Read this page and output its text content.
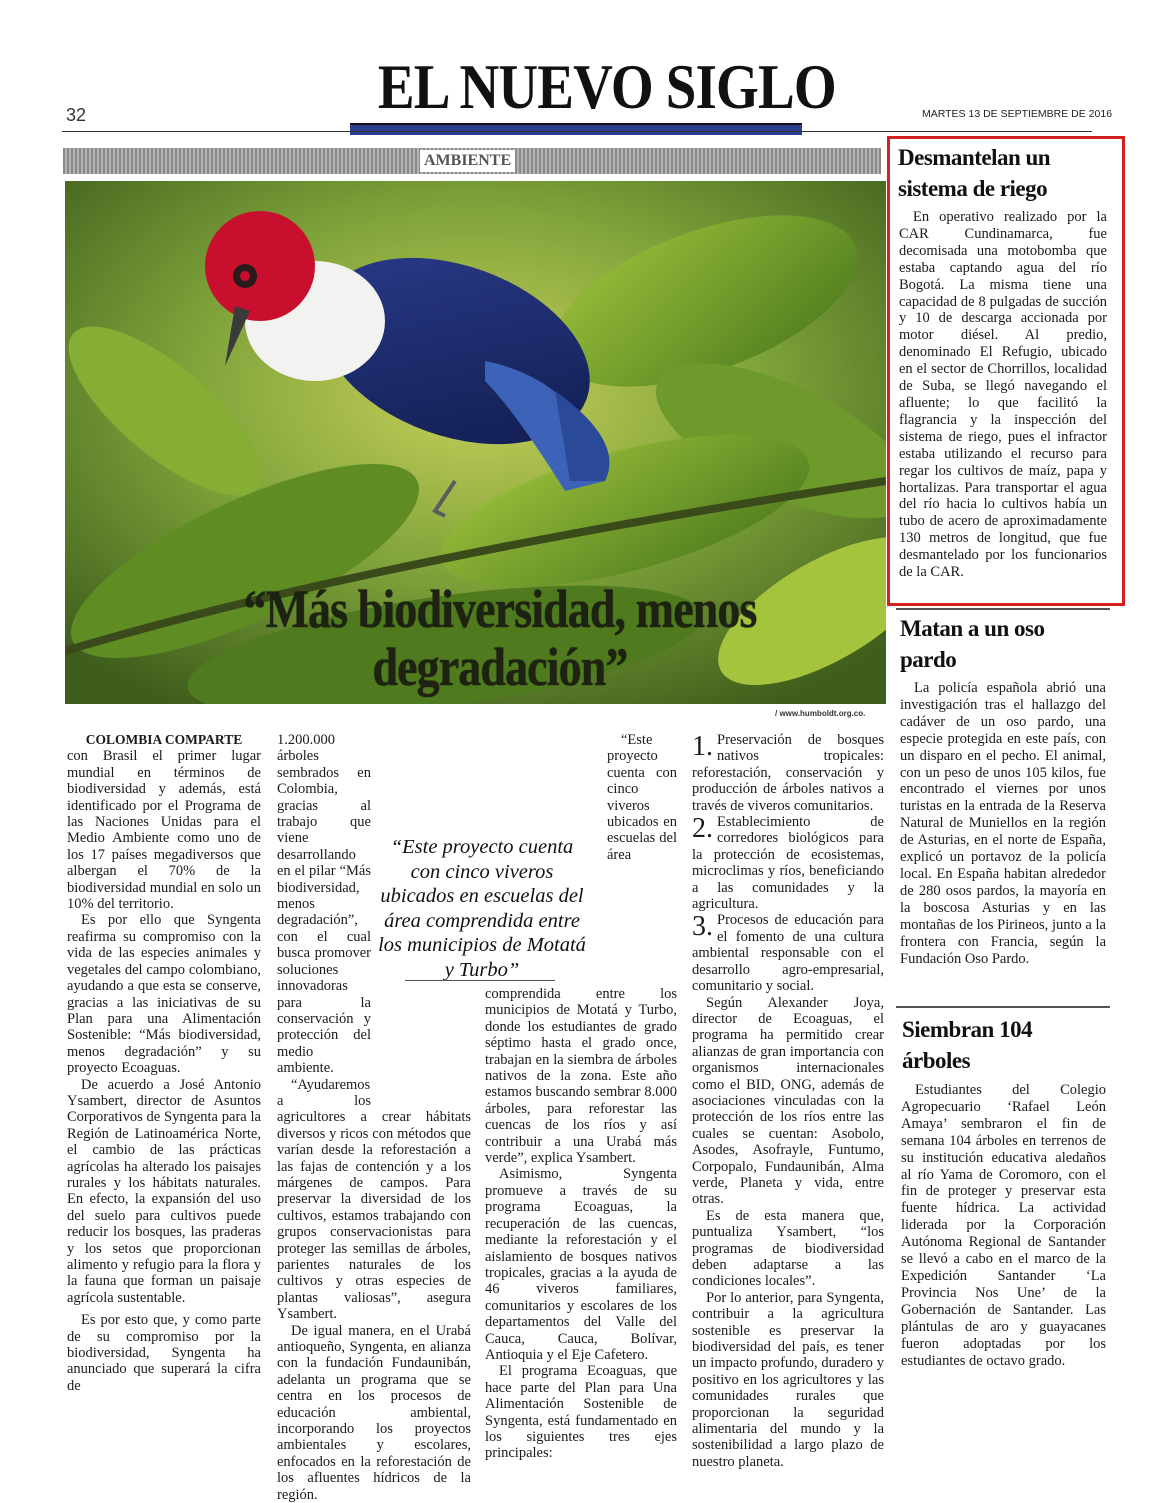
EL NUEVO SIGLO
32	MARTES 13 DE SEPTIEMBRE DE 2016
AMBIENTE
“Más biodiversidad, menos degradación”
/ www.humboldt.org.co.

COLOMBIA COMPARTE
con Brasil el primer lugar mundial en términos de biodiversidad y además, está identificado por el Programa de las Naciones Unidas para el Medio Ambiente como uno de los 17 países megadiversos que albergan el 70% de la biodiversidad mundial en solo un 10% del territorio.

Es por ello que Syngenta reafirma su compromiso con la vida de las especies animales y vegetales del campo colombiano, ayudando a que esta se conserve, gracias a las iniciativas de su Plan para una Alimentación Sostenible: “Más biodiversidad, menos degradación” y su proyecto Ecoaguas.

De acuerdo a José Antonio Ysambert, director de Asuntos Corporativos de Syngenta para la Región de Latinoamérica Norte, el cambio de las prácticas agrícolas ha alterado los paisajes rurales y los hábitats naturales. En efecto, la expansión del uso del suelo para cultivos puede reducir los bosques, las praderas y los setos que proporcionan alimento y refugio para la flora y la fauna que forman un paisaje agrícola sustentable.

Es por esto que, y como parte de su compromiso por la biodiversidad, Syngenta ha anunciado que superará la cifra de

1.200.000 árboles sembrados en Colombia, gracias al trabajo que viene desarrollando en el pilar “Más biodiversidad, menos degradación”, con el cual busca promover soluciones innovadoras para la conservación y protección del medio ambiente.

“Ayudaremos a los agricultores a crear hábitats diversos y ricos con métodos que varían desde la reforestación a las fajas de contención y a los márgenes de campos. Para preservar la diversidad de los cultivos, estamos trabajando con grupos conservacionistas para proteger las semillas de árboles, parientes naturales de los cultivos y otras especies de plantas valiosas”, asegura Ysambert.

De igual manera, en el Urabá antioqueño, Syngenta, en alianza con la fundación Fundaunibán, adelanta un programa que se centra en los procesos de educación ambiental, incorporando los proyectos ambientales y escolares, enfocados en la reforestación de los afluentes hídricos de la región.

“Este proyecto cuenta con cinco viveros ubicados en escuelas del área comprendida entre los municipios de Motatá y Turbo, donde los estudiantes de grado séptimo hasta el grado once, trabajan en la siembra de árboles nativos de la zona. Este año estamos buscando sembrar 8.000 árboles, para reforestar las cuencas de los ríos y así contribuir a una Urabá más verde”, explica Ysambert.

Asimismo, Syngenta promueve a través de su programa Ecoaguas, la recuperación de las cuencas, mediante la reforestación y el aislamiento de bosques nativos tropicales, gracias a la ayuda de 46 viveros familiares, comunitarios y escolares de los departamentos del Valle del Cauca, Cauca, Bolívar, Antioquia y el Eje Cafetero.

El programa Ecoaguas, que hace parte del Plan para Una Alimentación Sostenible de Syngenta, está fundamentado en los siguientes tres ejes principales:

“Este proyecto cuenta con cinco viveros ubicados en escuelas del área comprendida entre los municipios de Motatá y Turbo”

1. Preservación de bosques nativos tropicales: reforestación, conservación y producción de árboles nativos a través de viveros comunitarios.

2. Establecimiento de corredores biológicos para la protección de ecosistemas, microclimas y ríos, beneficiando a las comunidades y la agricultura.

3. Procesos de educación para el fomento de una cultura ambiental responsable con el desarrollo agro-empresarial, comunitario y social.

Según Alexander Joya, director de Ecoaguas, el programa ha permitido crear alianzas de gran importancia con organismos internacionales como el BID, ONG, además de asociaciones vinculadas con la protección de los ríos entre las cuales se cuentan: Asobolo, Asodes, Asofrayle, Funtumo, Corpopalo, Fundaunibán, Alma verde, Planeta y vida, entre otras.

Es de esta manera que, puntualiza Ysambert, “los programas de biodiversidad deben adaptarse a las condiciones locales”.

Por lo anterior, para Syngenta, contribuir a la agricultura sostenible es preservar la biodiversidad del país, es tener un impacto profundo, duradero y positivo en los agricultores y las comunidades rurales que proporcionan la seguridad alimentaria del mundo y la sostenibilidad a largo plazo de nuestro planeta.

Desmantelan un sistema de riego

En operativo realizado por la CAR Cundinamarca, fue decomisada una motobomba que estaba captando agua del río Bogotá. La misma tiene una capacidad de 8 pulgadas de succión y 10 de descarga accionada por motor diésel. Al predio, denominado El Refugio, ubicado en el sector de Chorrillos, localidad de Suba, se llegó navegando el afluente; lo que facilitó la flagrancia y la inspección del sistema de riego, pues el infractor estaba utilizando el recurso para regar los cultivos de maíz, papa y hortalizas. Para transportar el agua del río hacia lo cultivos había un tubo de acero de aproximadamente 130 metros de longitud, que fue desmantelado por los funcionarios de la CAR.

Matan a un oso pardo

La policía española abrió una investigación tras el hallazgo del cadáver de un oso pardo, una especie protegida en este país, con un disparo en el pecho. El animal, con un peso de unos 105 kilos, fue encontrado el viernes por unos turistas en la entrada de la Reserva Natural de Muniellos en la región de Asturias, en el norte de España, explicó un portavoz de la policía local. En España habitan alrededor de 280 osos pardos, la mayoría en la boscosa Asturias y en las montañas de los Pirineos, junto a la frontera con Francia, según la Fundación Oso Pardo.

Siembran 104 árboles

Estudiantes del Colegio Agropecuario ‘Rafael León Amaya’ sembraron el fin de semana 104 árboles en terrenos de su institución educativa aledaños al río Yama de Coromoro, con el fin de proteger y preservar esta fuente hídrica. La actividad liderada por la Corporación Autónoma Regional de Santander se llevó a cabo en el marco de la Expedición Santander ‘La Provincia Nos Une’ de la Gobernación de Santander. Las plántulas de aro y guayacanes fueron adoptadas por los estudiantes de octavo grado.
